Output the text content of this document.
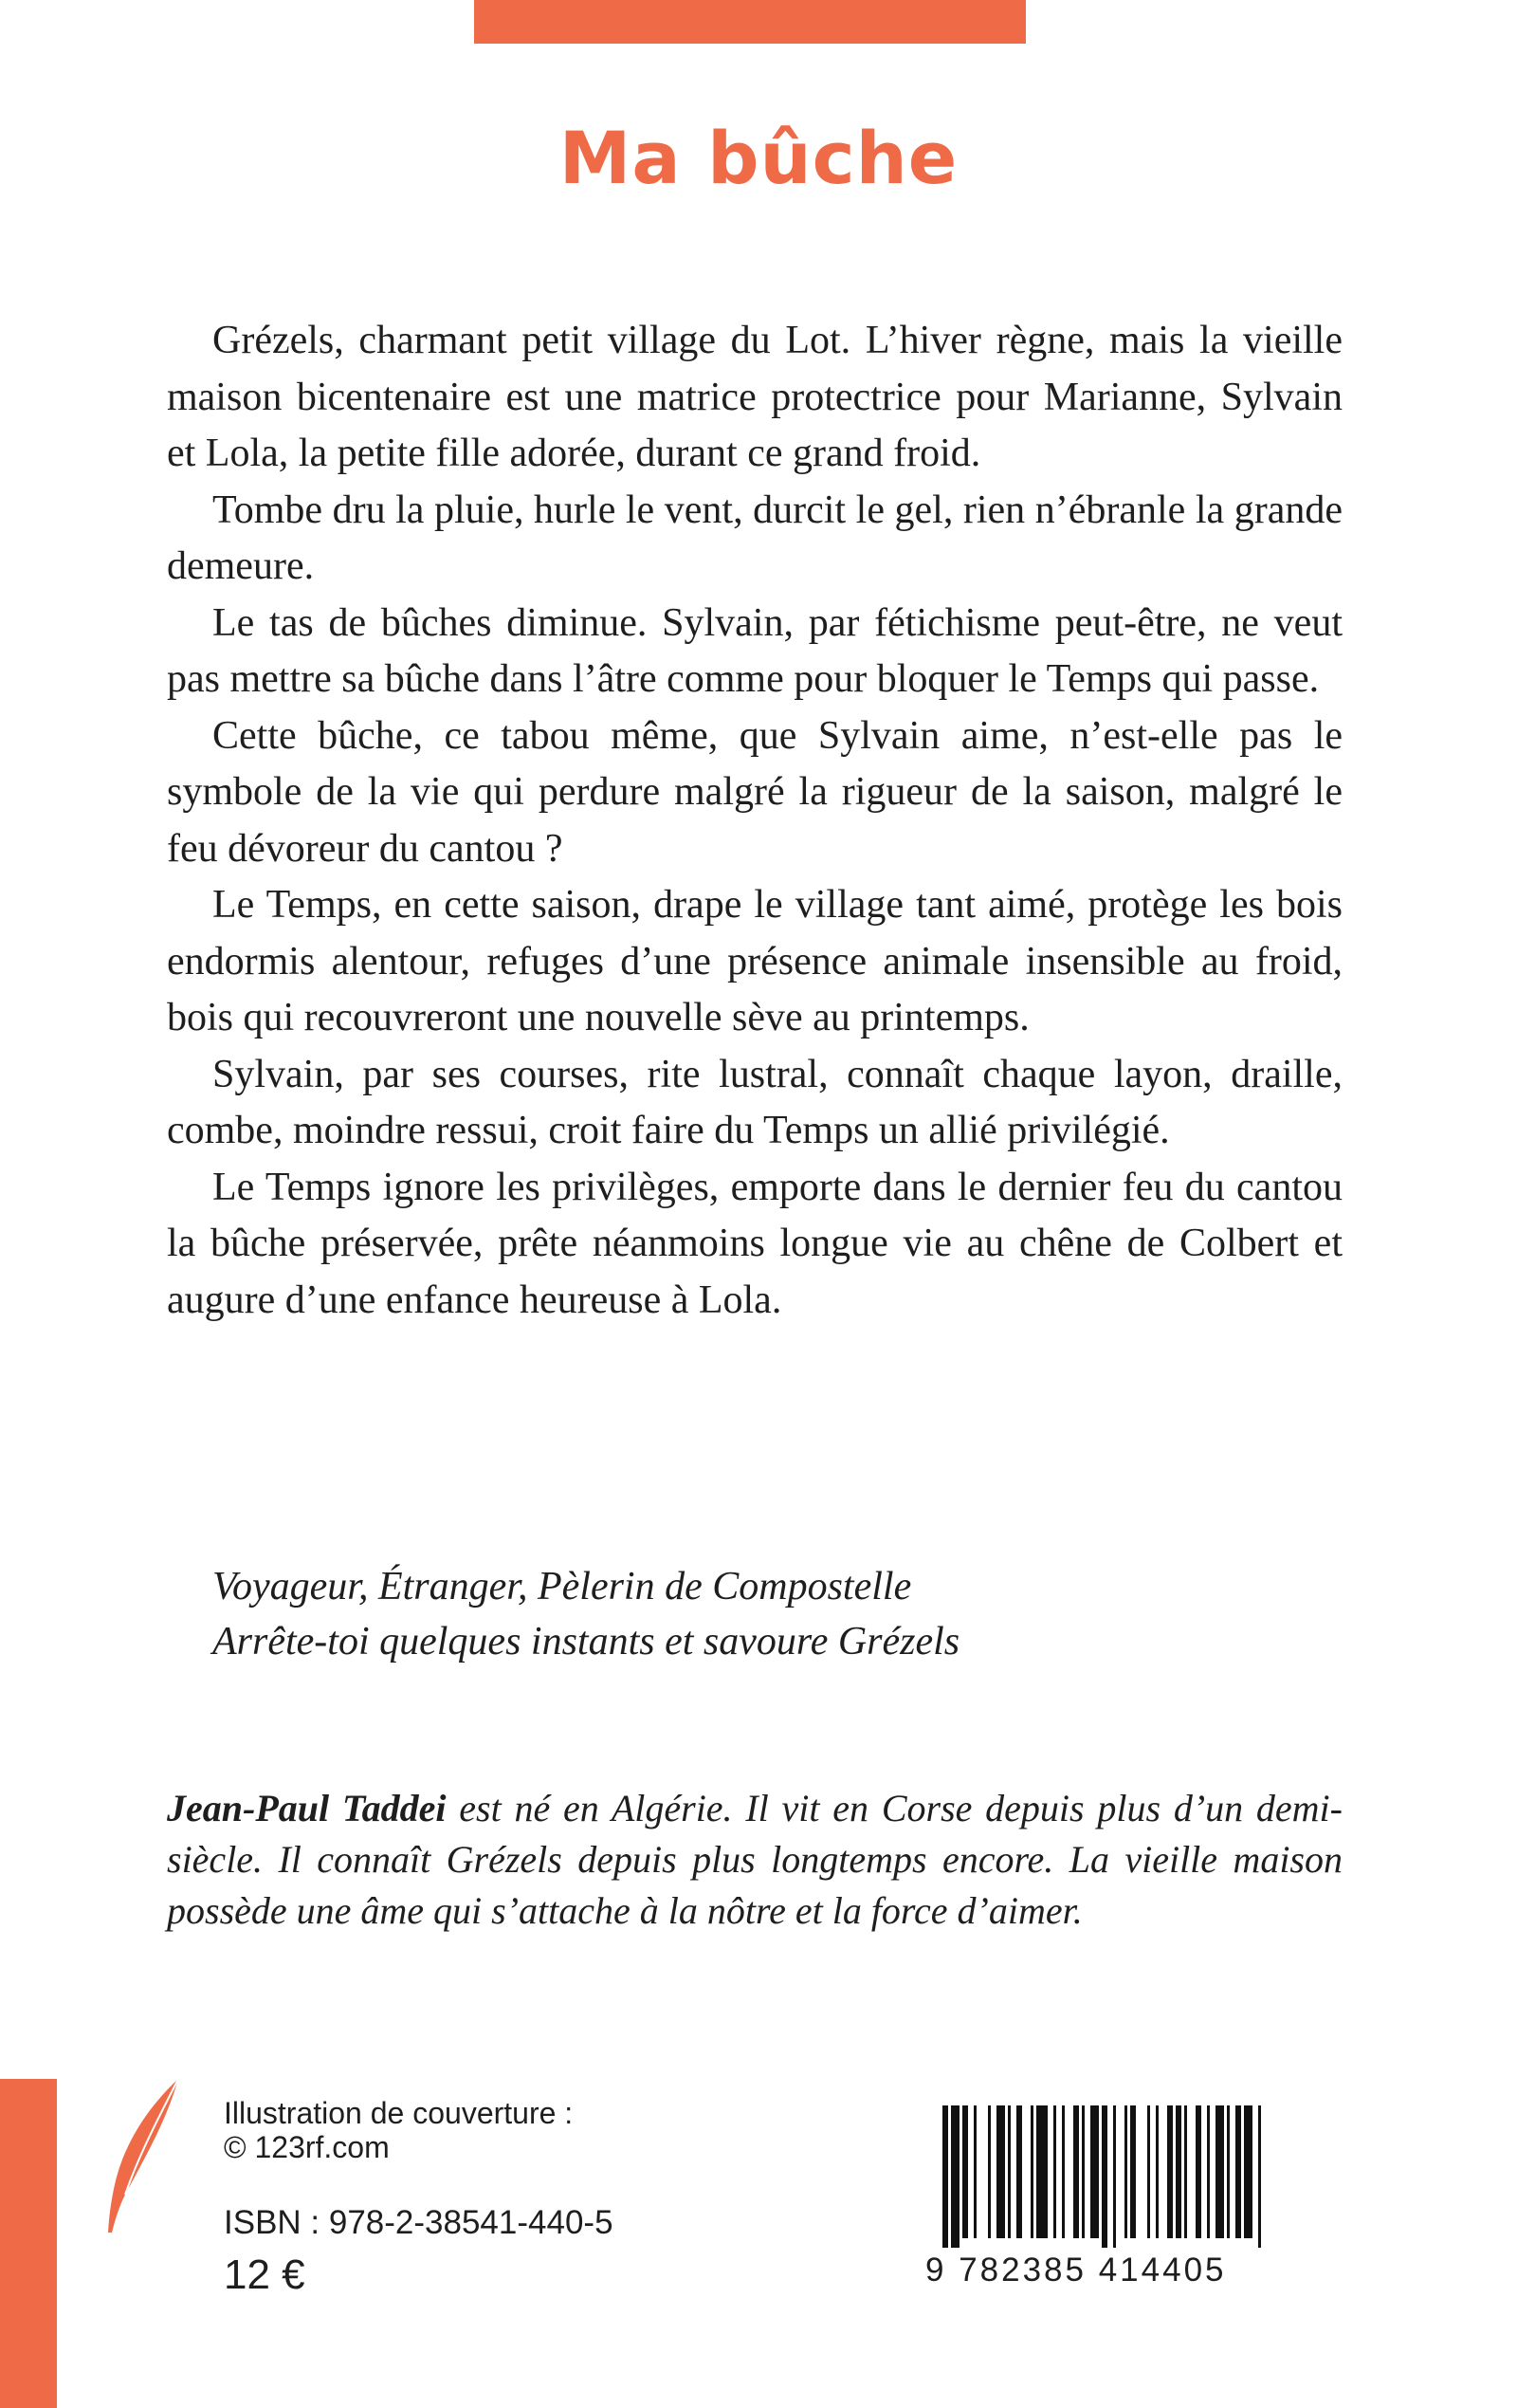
Ma bûche

Grézels, charmant petit village du Lot. L’hiver règne, mais la vieille maison bicentenaire est une matrice protectrice pour Marianne, Sylvain et Lola, la petite fille adorée, durant ce grand froid.

Tombe dru la pluie, hurle le vent, durcit le gel, rien n’ébranle la grande demeure.

Le tas de bûches diminue. Sylvain, par fétichisme peut-être, ne veut pas mettre sa bûche dans l’âtre comme pour bloquer le Temps qui passe.

Cette bûche, ce tabou même, que Sylvain aime, n’est-elle pas le symbole de la vie qui perdure malgré la rigueur de la saison, malgré le feu dévoreur du cantou ?

Le Temps, en cette saison, drape le village tant aimé, protège les bois endormis alentour, refuges d’une présence animale insensible au froid, bois qui recouvreront une nouvelle sève au printemps.

Sylvain, par ses courses, rite lustral, connaît chaque layon, draille, combe, moindre ressui, croit faire du Temps un allié privilégié.

Le Temps ignore les privilèges, emporte dans le dernier feu du cantou la bûche préservée, prête néanmoins longue vie au chêne de Colbert et augure d’une enfance heureuse à Lola.

Voyageur, Étranger, Pèlerin de Compostelle

Arrête-toi quelques instants et savoure Grézels

Jean-Paul Taddei est né en Algérie. Il vit en Corse depuis plus d’un demi-siècle. Il connaît Grézels depuis plus longtemps encore. La vieille maison possède une âme qui s’attache à la nôtre et la force d’aimer.
Illustration de couverture :
© 123rf.com
ISBN : 978-2-38541-440-5
12 €	9 782385 414405
